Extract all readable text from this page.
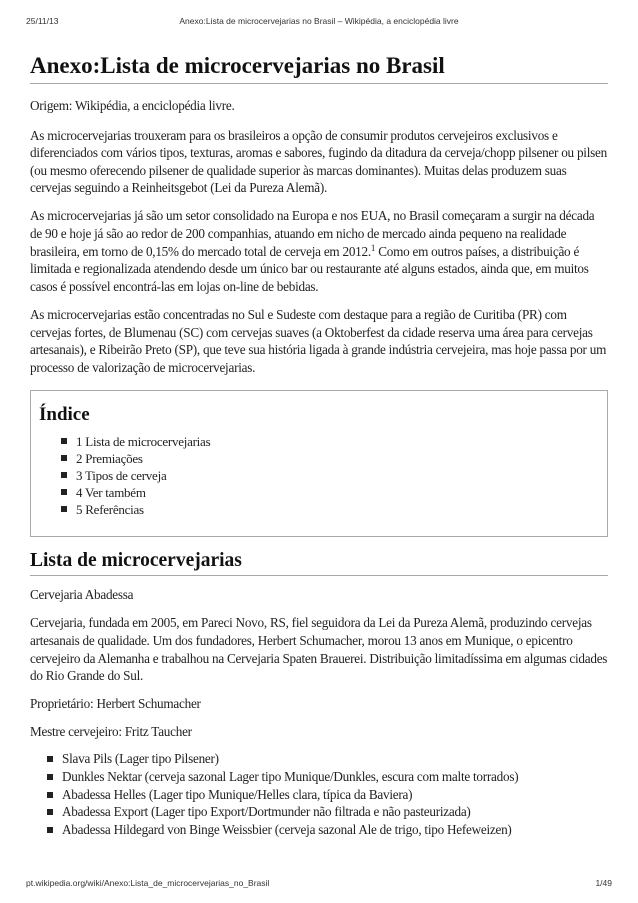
25/11/13	Anexo:Lista de microcervejarias no Brasil – Wikipédia, a enciclopédia livre
Anexo:Lista de microcervejarias no Brasil

Origem: Wikipédia, a enciclopédia livre.

As microcervejarias trouxeram para os brasileiros a opção de consumir produtos cervejeiros exclusivos e diferenciados com vários tipos, texturas, aromas e sabores, fugindo da ditadura da cerveja/chopp pilsener ou pilsen (ou mesmo oferecendo pilsener de qualidade superior às marcas dominantes). Muitas delas produzem suas cervejas seguindo a Reinheitsgebot (Lei da Pureza Alemã).

As microcervejarias já são um setor consolidado na Europa e nos EUA, no Brasil começaram a surgir na década de 90 e hoje já são ao redor de 200 companhias, atuando em nicho de mercado ainda pequeno na realidade brasileira, em torno de 0,15% do mercado total de cerveja em 2012.$^1$ Como em outros países, a distribuição é limitada e regionalizada atendendo desde um único bar ou restaurante até alguns estados, ainda que, em muitos casos é possível encontrá-las em lojas on-line de bebidas.

As microcervejarias estão concentradas no Sul e Sudeste com destaque para a região de Curitiba (PR) com cervejas fortes, de Blumenau (SC) com cervejas suaves (a Oktoberfest da cidade reserva uma área para cervejas artesanais), e Ribeirão Preto (SP), que teve sua história ligada à grande indústria cervejeira, mas hoje passa por um processo de valorização de microcervejarias.

Índice
1 Lista de microcervejarias
2 Premiações
3 Tipos de cerveja
4 Ver também
5 Referências
Lista de microcervejarias

Cervejaria Abadessa

Cervejaria, fundada em 2005, em Pareci Novo, RS, fiel seguidora da Lei da Pureza Alemã, produzindo cervejas artesanais de qualidade. Um dos fundadores, Herbert Schumacher, morou 13 anos em Munique, o epicentro cervejeiro da Alemanha e trabalhou na Cervejaria Spaten Brauerei. Distribuição limitadíssima em algumas cidades do Rio Grande do Sul.

Proprietário: Herbert Schumacher

Mestre cervejeiro: Fritz Taucher

Slava Pils (Lager tipo Pilsener)
Dunkles Nektar (cerveja sazonal Lager tipo Munique/Dunkles, escura com malte torrados)
Abadessa Helles (Lager tipo Munique/Helles clara, típica da Baviera)
Abadessa Export (Lager tipo Export/Dortmunder não filtrada e não pasteurizada)
Abadessa Hildegard von Binge Weissbier (cerveja sazonal Ale de trigo, tipo Hefeweizen)
pt.wikipedia.org/wiki/Anexo:Lista_de_microcervejarias_no_Brasil	1/49
